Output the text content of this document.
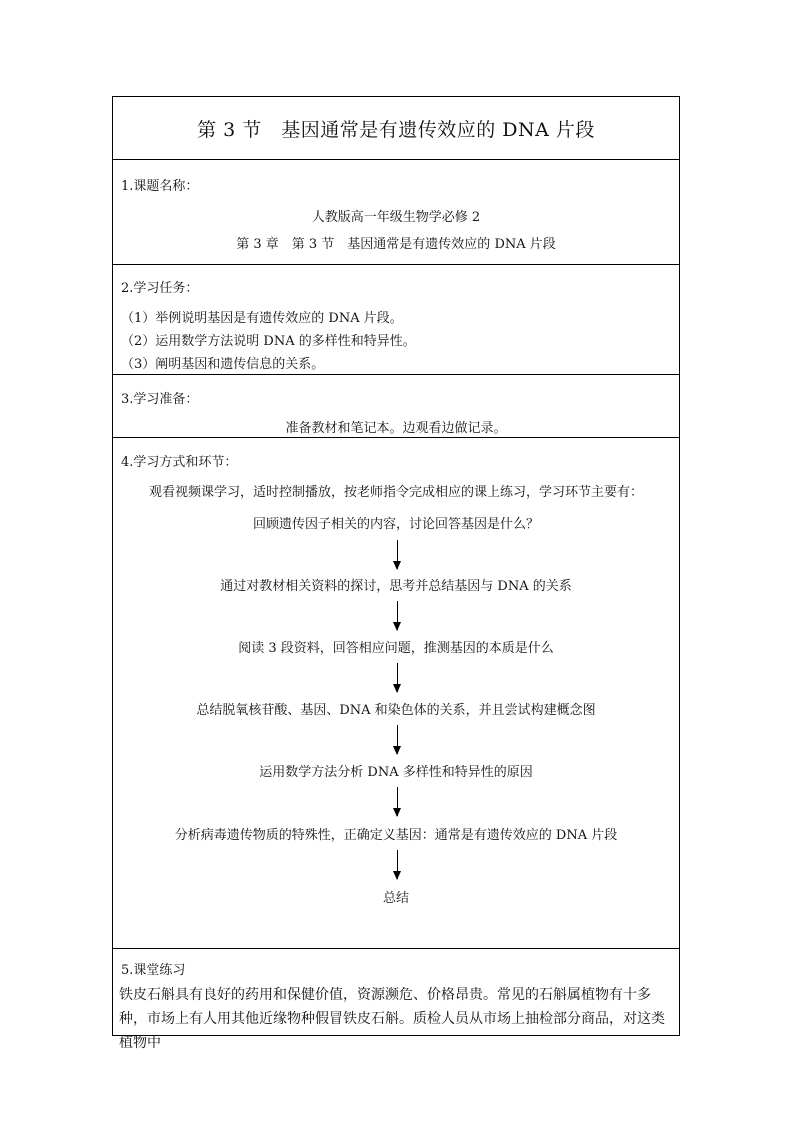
第 3 节　基因通常是有遗传效应的 DNA 片段
1.课题名称：
人教版高一年级生物学必修 2
第 3 章　第 3 节　基因通常是有遗传效应的 DNA 片段
2.学习任务：
（1）举例说明基因是有遗传效应的 DNA 片段。
（2）运用数学方法说明 DNA 的多样性和特异性。
（3）阐明基因和遗传信息的关系。
3.学习准备：
准备教材和笔记本。边观看边做记录。
4.学习方式和环节：
观看视频课学习，适时控制播放，按老师指令完成相应的课上练习，学习环节主要有：
回顾遗传因子相关的内容，讨论回答基因是什么？
通过对教材相关资料的探讨，思考并总结基因与 DNA 的关系
阅读 3 段资料，回答相应问题，推测基因的本质是什么
总结脱氧核苷酸、基因、DNA 和染色体的关系，并且尝试构建概念图
运用数学方法分析 DNA 多样性和特异性的原因
分析病毒遗传物质的特殊性，正确定义基因：通常是有遗传效应的 DNA 片段
总结
5.课堂练习
铁皮石斛具有良好的药用和保健价值，资源濒危、价格昂贵。常见的石斛属植物有十多种，市场上有人用其他近缘物种假冒铁皮石斛。质检人员从市场上抽检部分商品，对这类植物中
